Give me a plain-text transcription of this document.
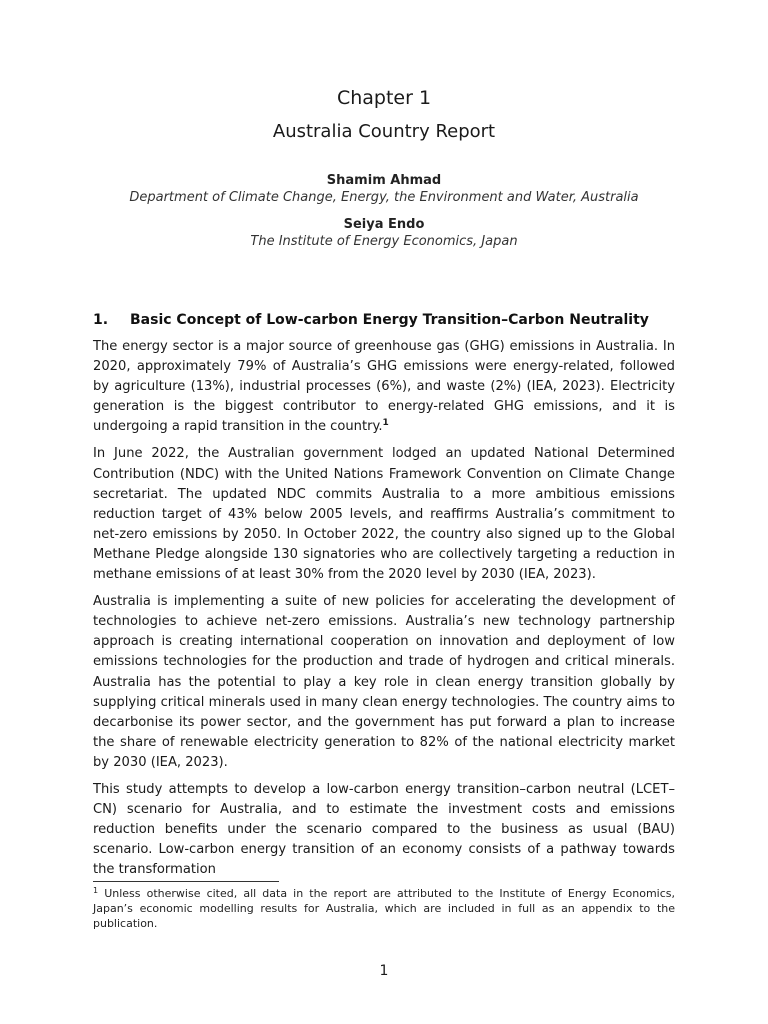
Chapter 1
Australia Country Report
Shamim Ahmad
Department of Climate Change, Energy, the Environment and Water, Australia
Seiya Endo
The Institute of Energy Economics, Japan
1. Basic Concept of Low-carbon Energy Transition–Carbon Neutrality

The energy sector is a major source of greenhouse gas (GHG) emissions in Australia. In 2020, approximately 79% of Australia’s GHG emissions were energy-related, followed by agriculture (13%), industrial processes (6%), and waste (2%) (IEA, 2023). Electricity generation is the biggest contributor to energy-related GHG emissions, and it is undergoing a rapid transition in the country.$^1$

In June 2022, the Australian government lodged an updated National Determined Contribution (NDC) with the United Nations Framework Convention on Climate Change secretariat. The updated NDC commits Australia to a more ambitious emissions reduction target of 43% below 2005 levels, and reaffirms Australia’s commitment to net-zero emissions by 2050. In October 2022, the country also signed up to the Global Methane Pledge alongside 130 signatories who are collectively targeting a reduction in methane emissions of at least 30% from the 2020 level by 2030 (IEA, 2023).

Australia is implementing a suite of new policies for accelerating the development of technologies to achieve net-zero emissions. Australia’s new technology partnership approach is creating international cooperation on innovation and deployment of low emissions technologies for the production and trade of hydrogen and critical minerals. Australia has the potential to play a key role in clean energy transition globally by supplying critical minerals used in many clean energy technologies. The country aims to decarbonise its power sector, and the government has put forward a plan to increase the share of renewable electricity generation to 82% of the national electricity market by 2030 (IEA, 2023).

This study attempts to develop a low-carbon energy transition–carbon neutral (LCET–CN) scenario for Australia, and to estimate the investment costs and emissions reduction benefits under the scenario compared to the business as usual (BAU) scenario. Low-carbon energy transition of an economy consists of a pathway towards the transformation

$^1$ Unless otherwise cited, all data in the report are attributed to the Institute of Energy Economics, Japan’s economic modelling results for Australia, which are included in full as an appendix to the publication.
1
